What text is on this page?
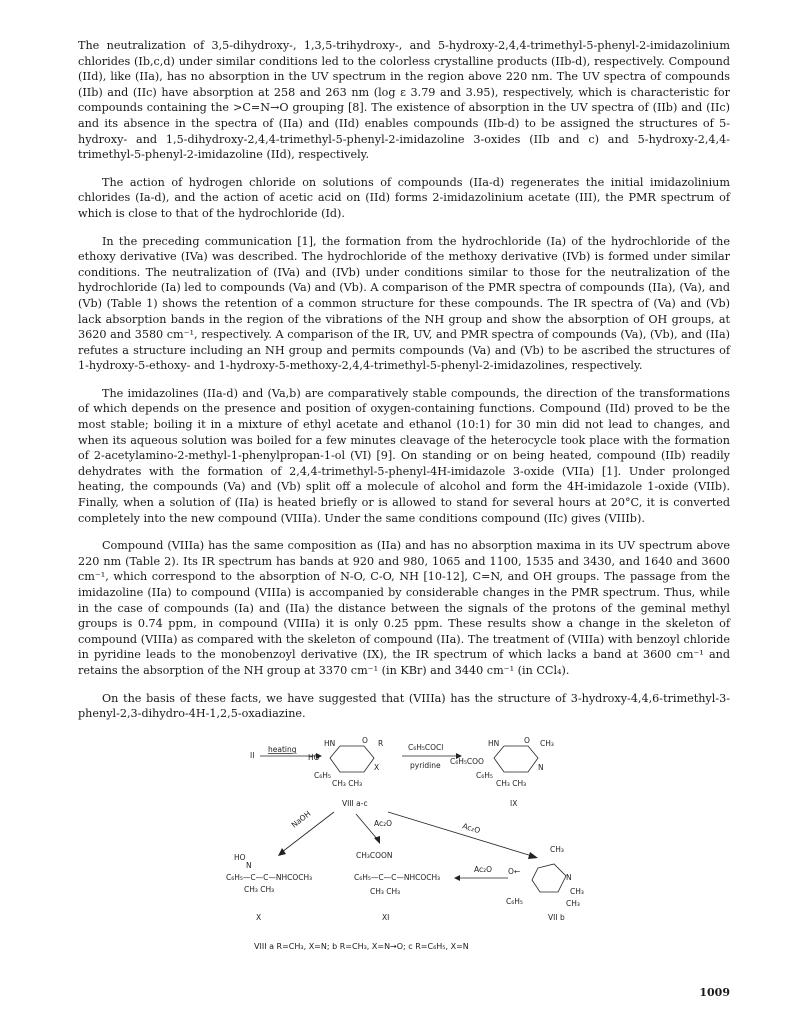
The neutralization of 3,5-dihydroxy-, 1,3,5-trihydroxy-, and 5-hydroxy-2,4,4-trimethyl-5-phenyl-2-imidazolinium chlorides (Ib,c,d) under similar conditions led to the colorless crystalline products (IIb-d), respectively. Compound (IId), like (IIa), has no absorption in the UV spectrum in the region above 220 nm. The UV spectra of compounds (IIb) and (IIc) have absorption at 258 and 263 nm (log ε 3.79 and 3.95), respectively, which is characteristic for compounds containing the >C=N→O grouping [8]. The existence of absorption in the UV spectra of (IIb) and (IIc) and its absence in the spectra of (IIa) and (IId) enables compounds (IIb-d) to be assigned the structures of 5-hydroxy- and 1,5-dihydroxy-2,4,4-trimethyl-5-phenyl-2-imidazoline 3-oxides (IIb and c) and 5-hydroxy-2,4,4-trimethyl-5-phenyl-2-imidazoline (IId), respectively.

The action of hydrogen chloride on solutions of compounds (IIa-d) regenerates the initial imidazolinium chlorides (Ia-d), and the action of acetic acid on (IId) forms 2-imidazolinium acetate (III), the PMR spectrum of which is close to that of the hydrochloride (Id).

In the preceding communication [1], the formation from the hydrochloride (Ia) of the hydrochloride of the ethoxy derivative (IVa) was described. The hydrochloride of the methoxy derivative (IVb) is formed under similar conditions. The neutralization of (IVa) and (IVb) under conditions similar to those for the neutralization of the hydrochloride (Ia) led to compounds (Va) and (Vb). A comparison of the PMR spectra of compounds (IIa), (Va), and (Vb) (Table 1) shows the retention of a common structure for these compounds. The IR spectra of (Va) and (Vb) lack absorption bands in the region of the vibrations of the NH group and show the absorption of OH groups, at 3620 and 3580 cm⁻¹, respectively. A comparison of the IR, UV, and PMR spectra of compounds (Va), (Vb), and (IIa) refutes a structure including an NH group and permits compounds (Va) and (Vb) to be ascribed the structures of 1-hydroxy-5-ethoxy- and 1-hydroxy-5-methoxy-2,4,4-trimethyl-5-phenyl-2-imidazolines, respectively.

The imidazolines (IIa-d) and (Va,b) are comparatively stable compounds, the direction of the transformations of which depends on the presence and position of oxygen-containing functions. Compound (IId) proved to be the most stable; boiling it in a mixture of ethyl acetate and ethanol (10:1) for 30 min did not lead to changes, and when its aqueous solution was boiled for a few minutes cleavage of the heterocycle took place with the formation of 2-acetylamino-2-methyl-1-phenylpropan-1-ol (VI) [9]. On standing or on being heated, compound (IIb) readily dehydrates with the formation of 2,4,4-trimethyl-5-phenyl-4H-imidazole 3-oxide (VIIa) [1]. Under prolonged heating, the compounds (Va) and (Vb) split off a molecule of alcohol and form the 4H-imidazole 1-oxide (VIIb). Finally, when a solution of (IIa) is heated briefly or is allowed to stand for several hours at 20°C, it is converted completely into the new compound (VIIIa). Under the same conditions compound (IIc) gives (VIIIb).

Compound (VIIIa) has the same composition as (IIa) and has no absorption maxima in its UV spectrum above 220 nm (Table 2). Its IR spectrum has bands at 920 and 980, 1065 and 1100, 1535 and 3430, and 1640 and 3600 cm⁻¹, which correspond to the absorption of N-O, C-O, NH [10-12], C=N, and OH groups. The passage from the imidazoline (IIa) to compound (VIIIa) is accompanied by considerable changes in the PMR spectrum. Thus, while in the case of compounds (Ia) and (IIa) the distance between the signals of the protons of the geminal methyl groups is 0.74 ppm, in compound (VIIIa) it is only 0.25 ppm. These results show a change in the skeleton of compound (VIIIa) as compared with the skeleton of compound (IIa). The treatment of (VIIIa) with benzoyl chloride in pyridine leads to the monobenzoyl derivative (IX), the IR spectrum of which lacks a band at 3600 cm⁻¹ and retains the absorption of the NH group at 3370 cm⁻¹ (in KBr) and 3440 cm⁻¹ (in CCl₄).

On the basis of these facts, we have suggested that (VIIIa) has the structure of 3-hydroxy-4,4,6-trimethyl-3-phenyl-2,3-dihydro-4H-1,2,5-oxadiazine.

II
heating
HN	O R
HO
X
C₆H₅
CH₃ CH₃
VIII a-c
C₆H₅COCl
pyridine
HN	O CH₃
C₆H₅COO
N
C₆H₅
CH₃ CH₃
IX
NaOH	Ac₂O	Ac₂O
HO
N
C₆H₅—C—C—NHCOCH₃
CH₃ CH₃
X
CH₃COON
C₆H₅—C—C—NHCOCH₃
CH₃ CH₃
XI
Ac₂O
CH₃
O←
N
CH₃
C₆H₅	CH₃
VII b
VIII a R=CH₃, X=N; b R=CH₃, X=N→O; c R=C₆H₅, X=N
1009
